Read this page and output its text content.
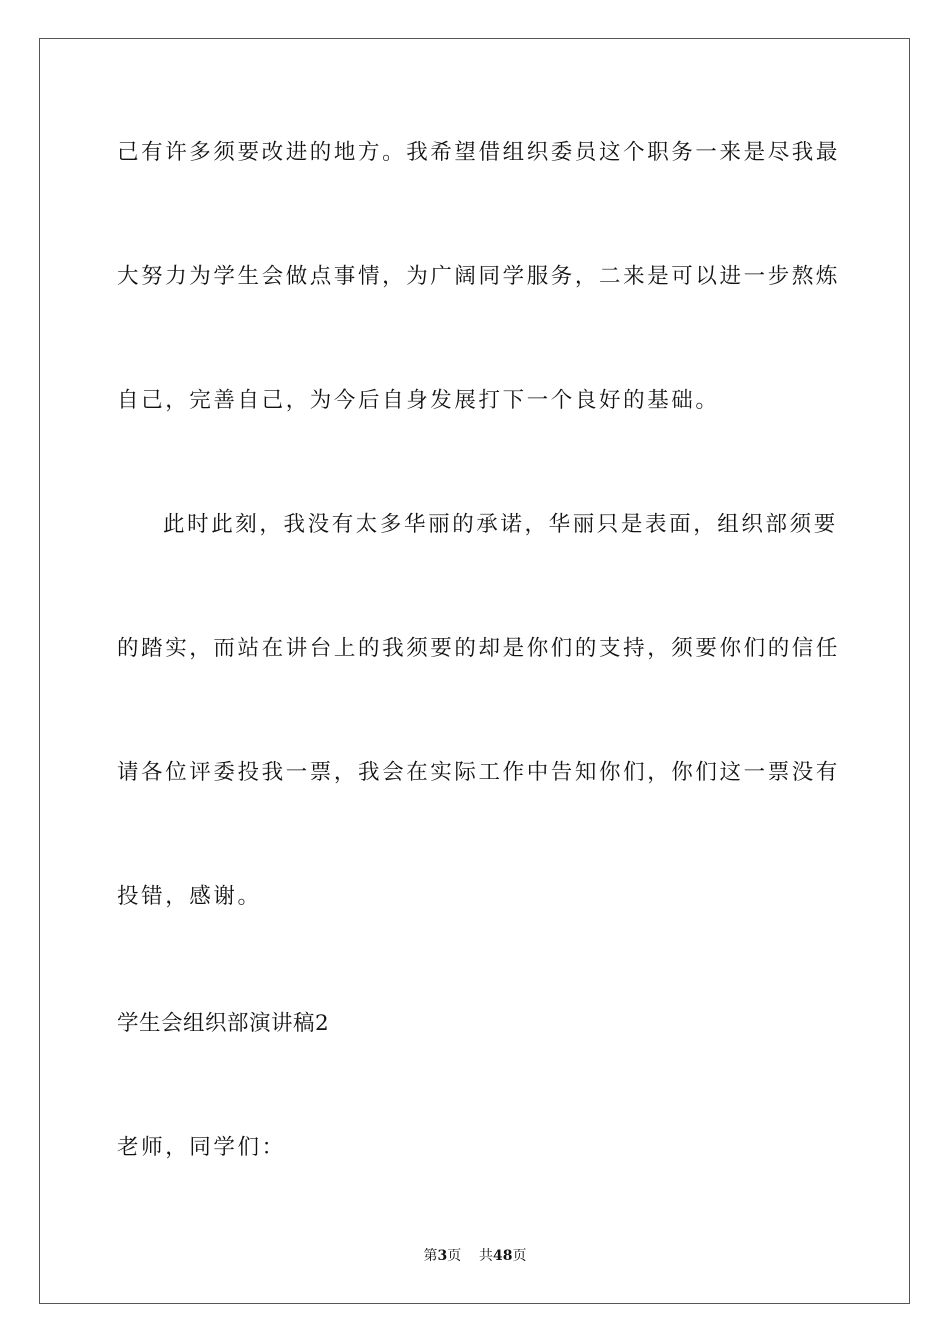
己有许多须要改进的地方。我希望借组织委员这个职务一来是尽我最
大努力为学生会做点事情，为广阔同学服务，二来是可以进一步熬炼
自己，完善自己，为今后自身发展打下一个良好的基础。
此时此刻，我没有太多华丽的承诺，华丽只是表面，组织部须要
的踏实，而站在讲台上的我须要的却是你们的支持，须要你们的信任
请各位评委投我一票，我会在实际工作中告知你们，你们这一票没有
投错，感谢。
学生会组织部演讲稿2
老师，同学们：
第3页 共48页
